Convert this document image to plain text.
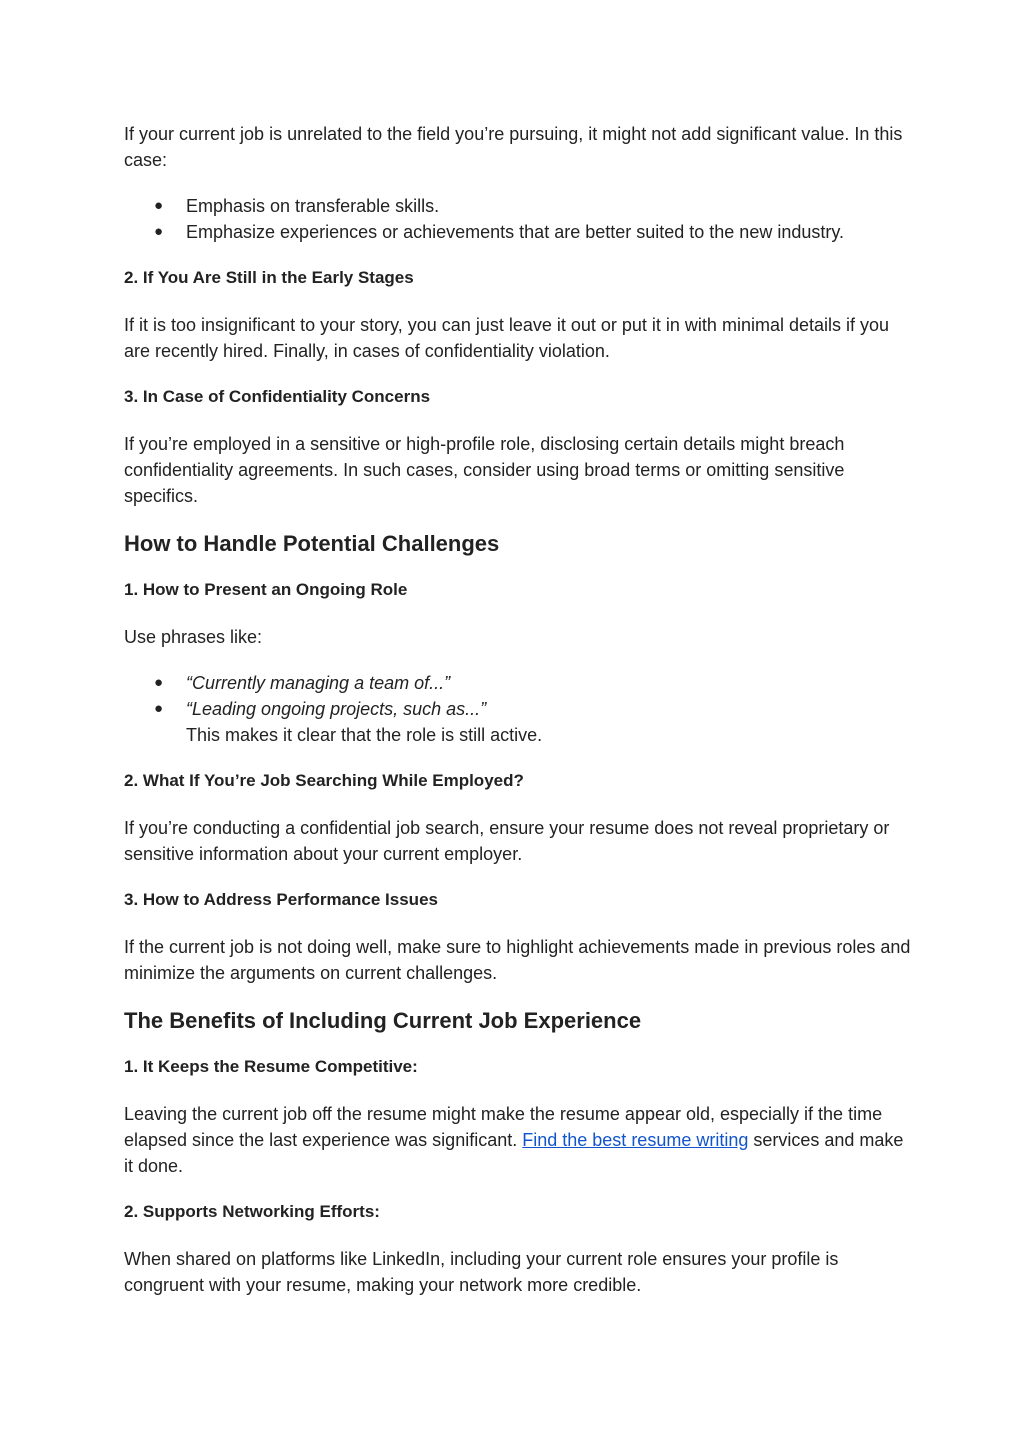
If your current job is unrelated to the field you’re pursuing, it might not add significant value. In this case:

● Emphasis on transferable skills.
● Emphasize experiences or achievements that are better suited to the new industry.

2. If You Are Still in the Early Stages

If it is too insignificant to your story, you can just leave it out or put it in with minimal details if you are recently hired. Finally, in cases of confidentiality violation.

3. In Case of Confidentiality Concerns

If you’re employed in a sensitive or high-profile role, disclosing certain details might breach confidentiality agreements. In such cases, consider using broad terms or omitting sensitive specifics.

How to Handle Potential Challenges

1. How to Present an Ongoing Role

Use phrases like:

● “Currently managing a team of...”
● “Leading ongoing projects, such as...”

This makes it clear that the role is still active.

2. What If You’re Job Searching While Employed?

If you’re conducting a confidential job search, ensure your resume does not reveal proprietary or sensitive information about your current employer.

3. How to Address Performance Issues

If the current job is not doing well, make sure to highlight achievements made in previous roles and minimize the arguments on current challenges.

The Benefits of Including Current Job Experience

1. It Keeps the Resume Competitive:

Leaving the current job off the resume might make the resume appear old, especially if the time elapsed since the last experience was significant. Find the best resume writing services and make it done.

2. Supports Networking Efforts:

When shared on platforms like LinkedIn, including your current role ensures your profile is congruent with your resume, making your network more credible.
